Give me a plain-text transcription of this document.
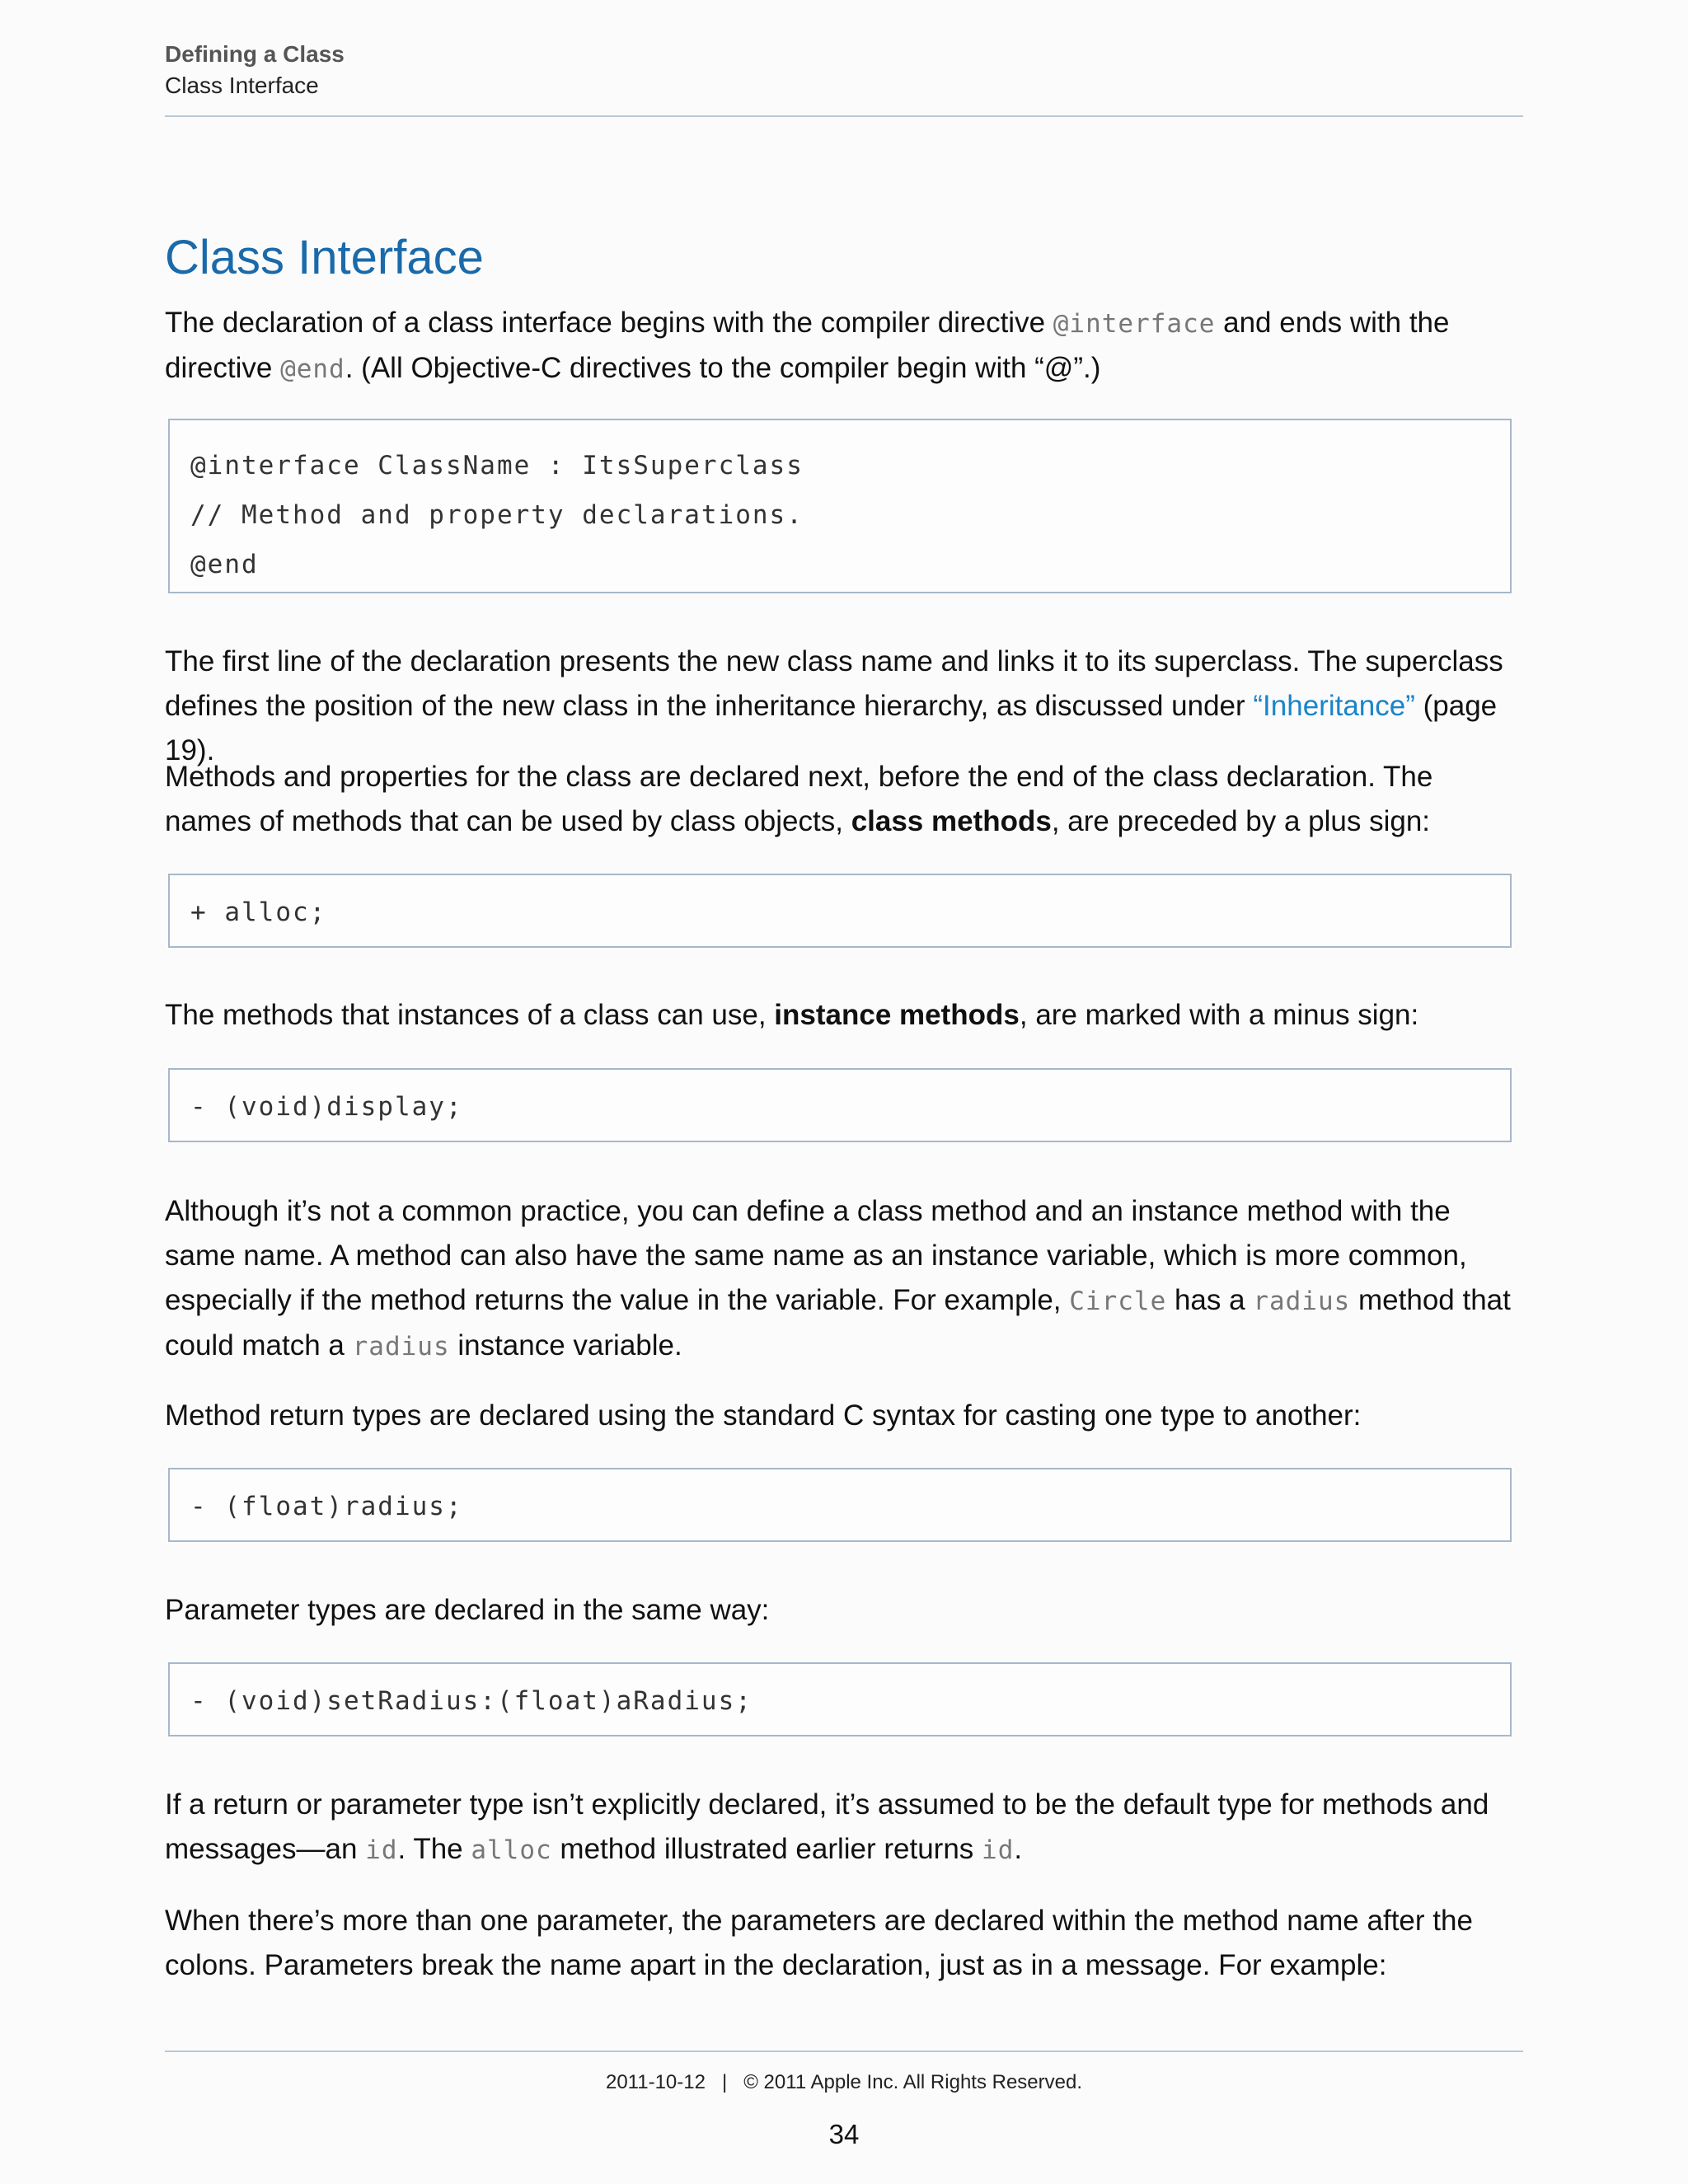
Defining a Class
Class Interface
Class Interface

The declaration of a class interface begins with the compiler directive @interface and ends with the directive @end. (All Objective-C directives to the compiler begin with “@”.)

@interface ClassName : ItsSuperclass
// Method and property declarations.
@end

The first line of the declaration presents the new class name and links it to its superclass. The superclass defines the position of the new class in the inheritance hierarchy, as discussed under “Inheritance” (page 19).

Methods and properties for the class are declared next, before the end of the class declaration. The names of methods that can be used by class objects, class methods, are preceded by a plus sign:

+ alloc;

The methods that instances of a class can use, instance methods, are marked with a minus sign:

- (void)display;

Although it’s not a common practice, you can define a class method and an instance method with the same name. A method can also have the same name as an instance variable, which is more common, especially if the method returns the value in the variable. For example, Circle has a radius method that could match a radius instance variable.

Method return types are declared using the standard C syntax for casting one type to another:

- (float)radius;

Parameter types are declared in the same way:

- (void)setRadius:(float)aRadius;

If a return or parameter type isn’t explicitly declared, it’s assumed to be the default type for methods and messages—an id. The alloc method illustrated earlier returns id.

When there’s more than one parameter, the parameters are declared within the method name after the colons. Parameters break the name apart in the declaration, just as in a message. For example:

2011-10-12 | © 2011 Apple Inc. All Rights Reserved.
34
